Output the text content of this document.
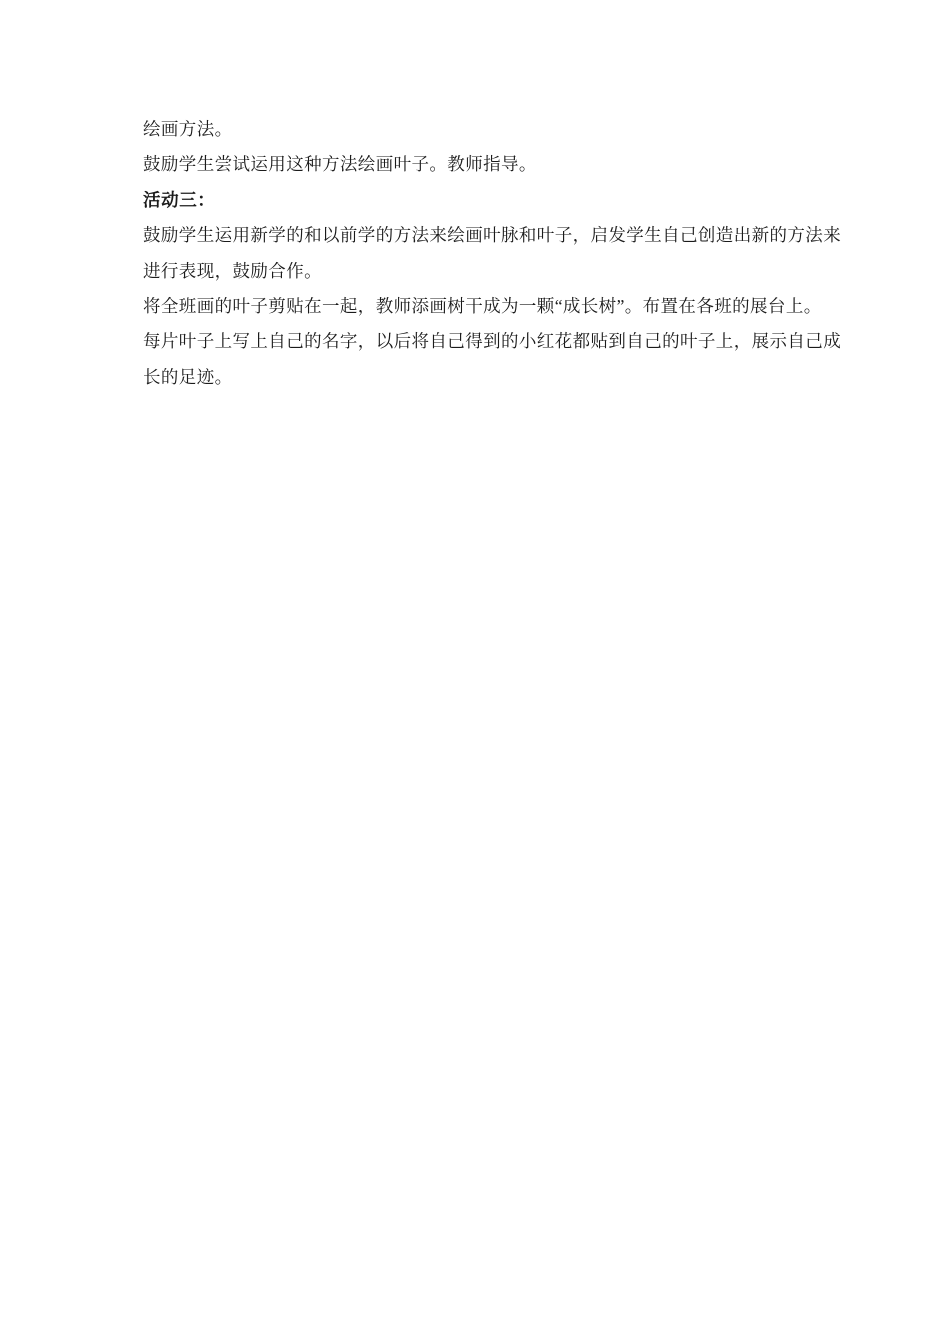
绘画方法。
鼓励学生尝试运用这种方法绘画叶子。教师指导。
活动三：
鼓励学生运用新学的和以前学的方法来绘画叶脉和叶子，启发学生自己创造出新的方法来
进行表现，鼓励合作。
将全班画的叶子剪贴在一起，教师添画树干成为一颗“成长树”。布置在各班的展台上。
每片叶子上写上自己的名字，以后将自己得到的小红花都贴到自己的叶子上，展示自己成
长的足迹。
